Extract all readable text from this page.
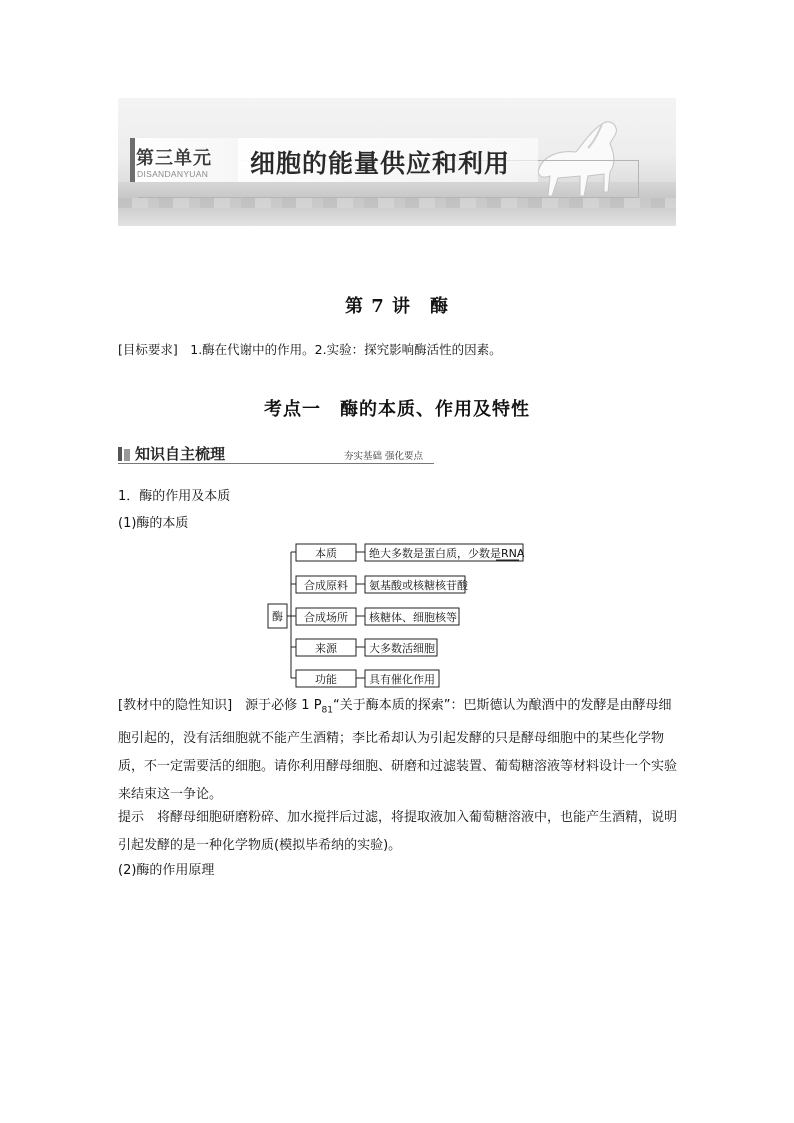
第三单元
DISANDANYUAN 细胞的能量供应和利用
第 7 讲　酶
[目标要求]　1.酶在代谢中的作用。2.实验：探究影响酶活性的因素。
考点一　酶的本质、作用及特性
知识自主梳理	夯实基础 强化要点
1．酶的作用及本质
(1)酶的本质
酶
本质	绝大多数是蛋白质，少数是RNA
合成原料 氨基酸或核糖核苷酸
合成场所 核糖体、细胞核等
来源	大多数活细胞
功能	具有催化作用
[教材中的隐性知识]　源于必修 1 $P_{81}“$关于酶本质的探索”：巴斯德认为酿酒中的发酵是由酵母细胞引起的，没有活细胞就不能产生酒精；李比希却认为引起发酵的只是酵母细胞中的某些化学物质，不一定需要活的细胞。请你利用酵母细胞、研磨和过滤装置、葡萄糖溶液等材料设计一个实验来结束这一争论。
提示　将酵母细胞研磨粉碎、加水搅拌后过滤，将提取液加入葡萄糖溶液中，也能产生酒精，说明引起发酵的是一种化学物质(模拟毕希纳的实验)。
(2)酶的作用原理
